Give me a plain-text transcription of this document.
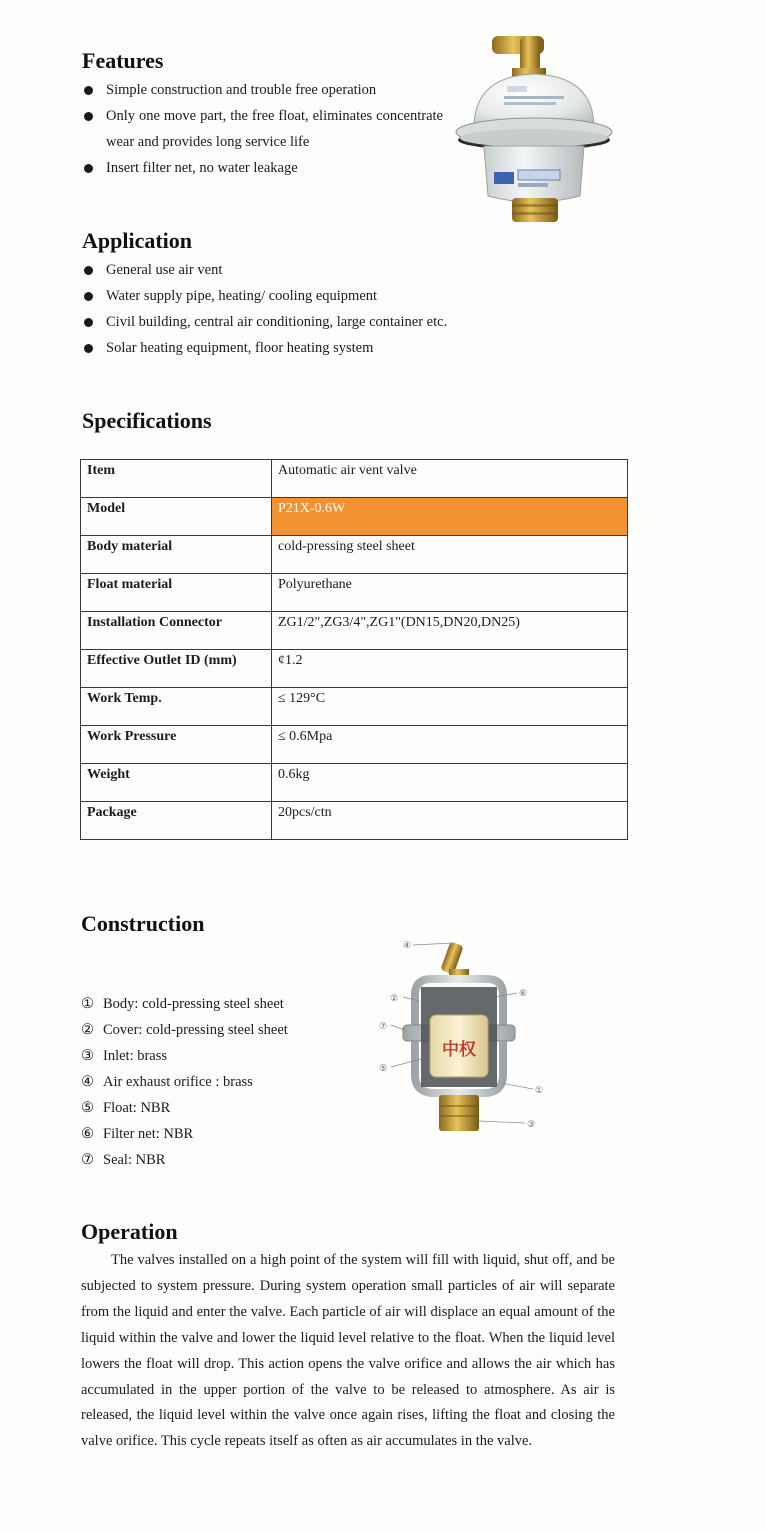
Features
Simple construction and trouble free operation
Only one move part, the free float, eliminates concentrate wear and provides long service life
Insert filter net, no water leakage
Application
General use air vent
Water supply pipe, heating/ cooling equipment
Civil building, central air conditioning, large container etc.
Solar heating equipment, floor heating system
Specifications
Item	Automatic air vent valve
Model	P21X-0.6W
Body material	cold-pressing steel sheet
Float material	Polyurethane
Installation Connector	ZG1/2",ZG3/4",ZG1"(DN15,DN20,DN25)
Effective Outlet ID (mm)	¢1.2
Work Temp.	≤ 129°C
Work Pressure	≤ 0.6Mpa
Weight	0.6kg
Package	20pcs/ctn
Construction
① Body: cold-pressing steel sheet
② Cover: cold-pressing steel sheet
③ Inlet: brass
④ Air exhaust orifice : brass
⑤ Float: NBR
⑥ Filter net: NBR
⑦ Seal: NBR
中权
④
⑥
②
⑦
⑤
①
③
Operation

The valves installed on a high point of the system will fill with liquid, shut off, and be subjected to system pressure. During system operation small particles of air will separate from the liquid and enter the valve. Each particle of air will displace an equal amount of the liquid within the valve and lower the liquid level relative to the float. When the liquid level lowers the float will drop. This action opens the valve orifice and allows the air which has accumulated in the upper portion of the valve to be released to atmosphere. As air is released, the liquid level within the valve once again rises, lifting the float and closing the valve orifice. This cycle repeats itself as often as air accumulates in the valve.
